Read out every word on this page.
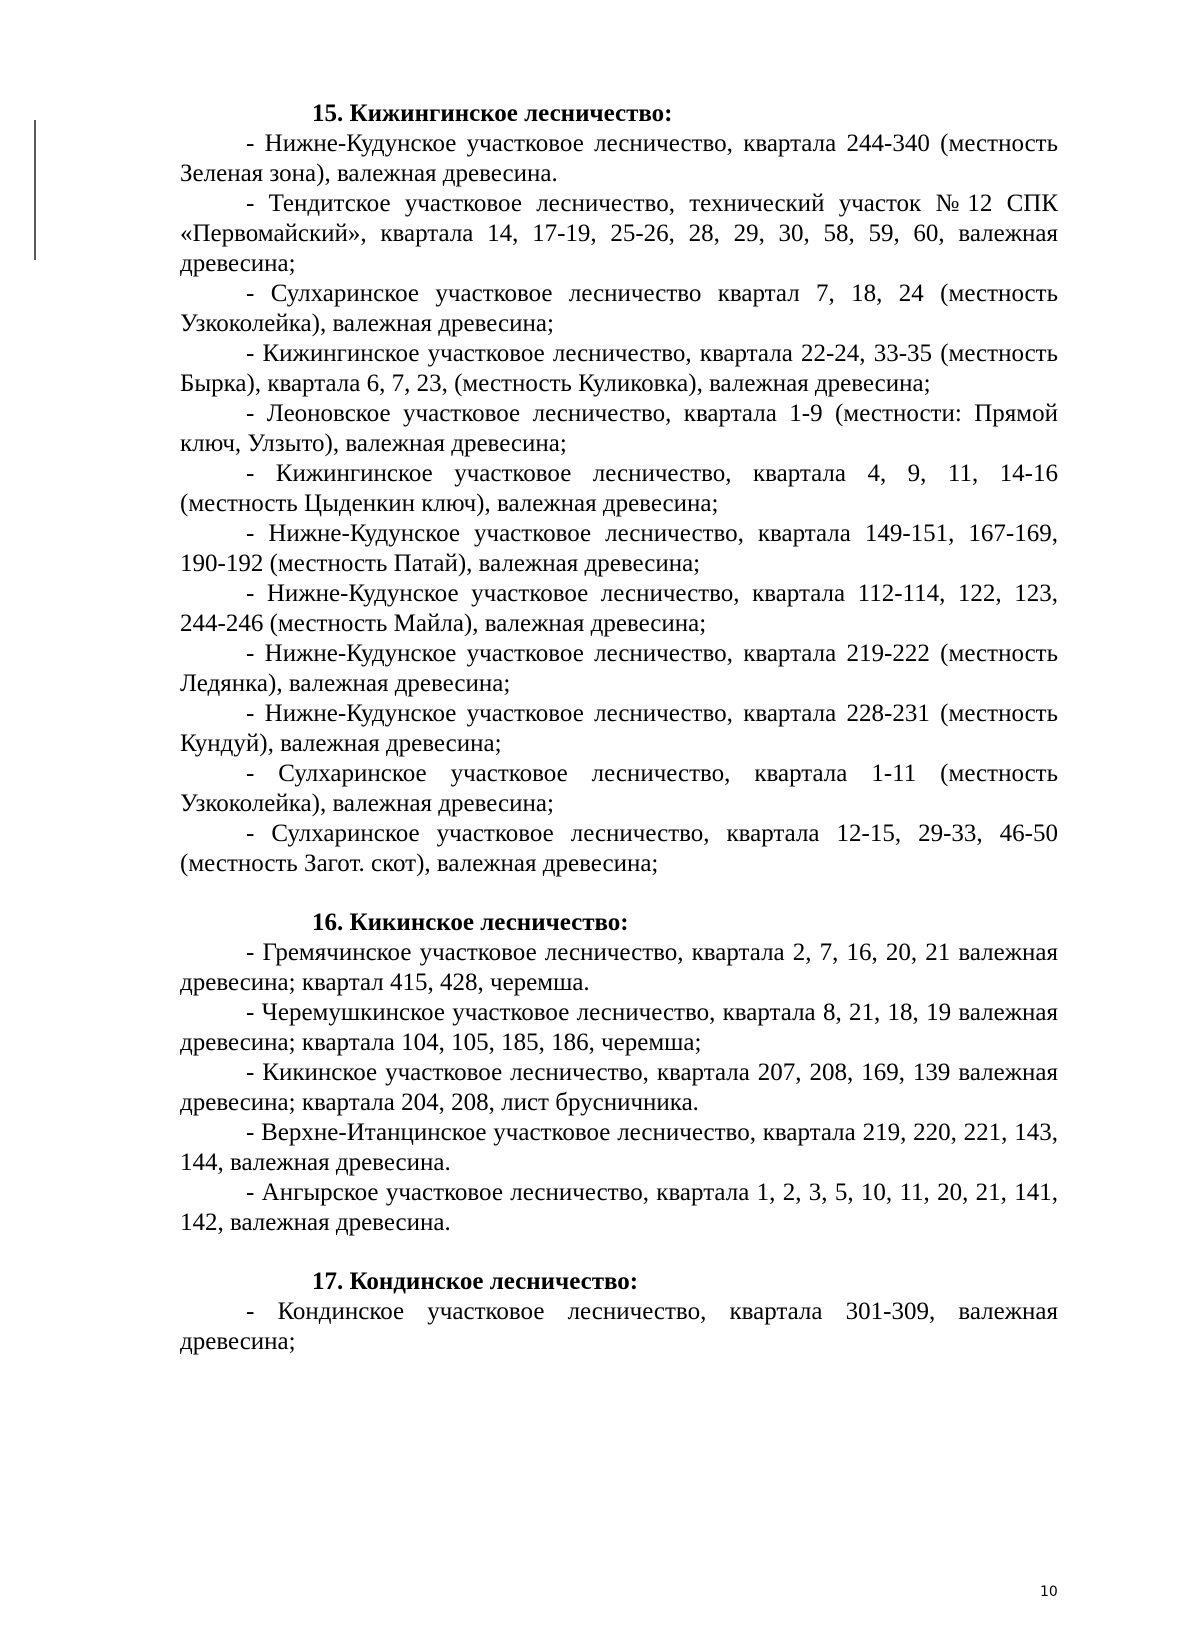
15. Кижингинское лесничество:

- Нижне-Кудунское участковое лесничество, квартала 244-340 (местность Зеленая зона), валежная древесина.

- Тендитское участковое лесничество, технический участок №12 СПК «Первомайский», квартала 14, 17-19, 25-26, 28, 29, 30, 58, 59, 60, валежная древесина;

- Сулхаринское участковое лесничество квартал 7, 18, 24 (местность Узкоколейка), валежная древесина;

- Кижингинское участковое лесничество, квартала 22-24, 33-35 (местность Бырка), квартала 6, 7, 23, (местность Куликовка), валежная древесина;

- Леоновское участковое лесничество, квартала 1-9 (местности: Прямой ключ, Улзыто), валежная древесина;

- Кижингинское участковое лесничество, квартала 4, 9, 11, 14-16 (местность Цыденкин ключ), валежная древесина;

- Нижне-Кудунское участковое лесничество, квартала 149-151, 167-169, 190-192 (местность Патай), валежная древесина;

- Нижне-Кудунское участковое лесничество, квартала 112-114, 122, 123, 244-246 (местность Майла), валежная древесина;

- Нижне-Кудунское участковое лесничество, квартала 219-222 (местность Ледянка), валежная древесина;

- Нижне-Кудунское участковое лесничество, квартала 228-231 (местность Кундуй), валежная древесина;

- Сулхаринское участковое лесничество, квартала 1-11 (местность Узкоколейка), валежная древесина;

- Сулхаринское участковое лесничество, квартала 12-15, 29-33, 46-50 (местность Загот. скот), валежная древесина;

16. Кикинское лесничество:

- Гремячинское участковое лесничество, квартала 2, 7, 16, 20, 21 валежная древесина; квартал 415, 428, черемша.

- Черемушкинское участковое лесничество, квартала 8, 21, 18, 19 валежная древесина; квартала 104, 105, 185, 186, черемша;

- Кикинское участковое лесничество, квартала 207, 208, 169, 139 валежная древесина; квартала 204, 208, лист брусничника.

- Верхне-Итанцинское участковое лесничество, квартала 219, 220, 221, 143, 144, валежная древесина.

- Ангырское участковое лесничество, квартала 1, 2, 3, 5, 10, 11, 20, 21, 141, 142, валежная древесина.

17. Кондинское лесничество:

- Кондинское участковое лесничество, квартала 301-309, валежная древесина;

10
